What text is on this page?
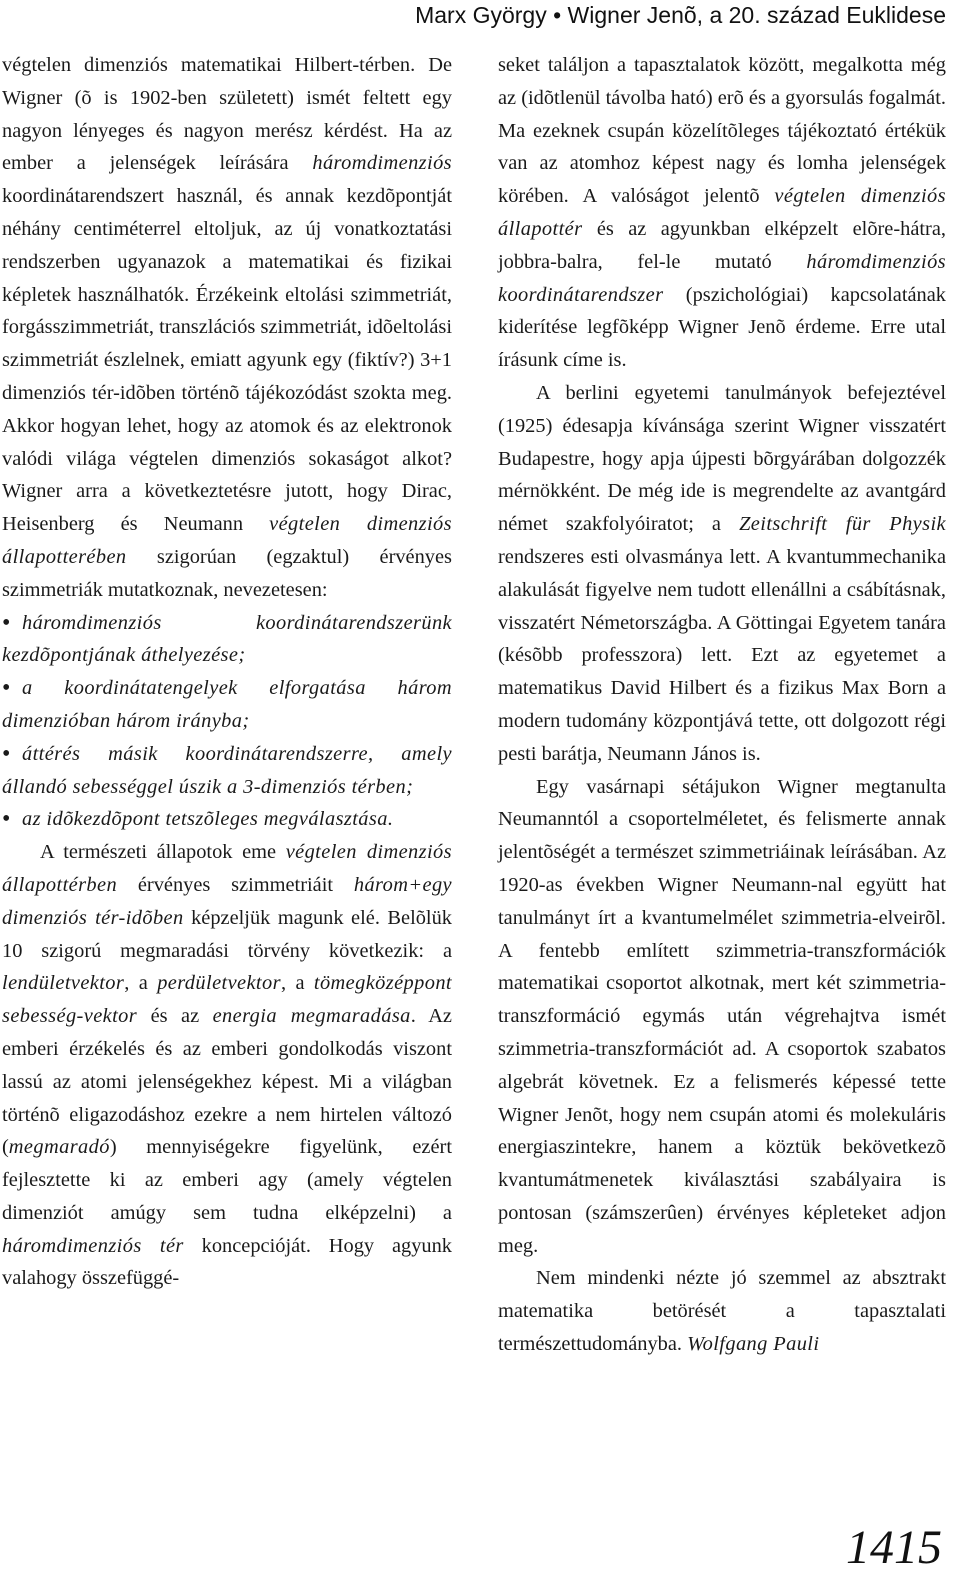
Marx György • Wigner Jenõ, a 20. század Euklidese

végtelen dimenziós matematikai Hilbert-térben. De Wigner (õ is 1902-ben született) ismét feltett egy nagyon lényeges és nagyon merész kérdést. Ha az ember a jelenségek leírására háromdimenziós koordinátarendszert használ, és annak kezdõpontját néhány centiméterrel eltoljuk, az új vonatkoztatási rendszerben ugyanazok a matematikai és fizikai képletek használhatók. Érzékeink eltolási szimmetriát, forgásszimmetriát, transzlációs szimmetriát, idõeltolási szimmetriát észlelnek, emiatt agyunk egy (fiktív?) 3+1 dimenziós tér-idõben történõ tájékozódást szokta meg. Akkor hogyan lehet, hogy az atomok és az elektronok valódi világa végtelen dimenziós sokaságot alkot?Wigner arra a következtetésre jutott, hogy Dirac, Heisenberg és Neumann végtelen dimenziós állapotterében szigorúan (egzaktul) érvényes szimmetriák mutatkoznak, nevezetesen:

• háromdimenziós koordinátarendszerünk kezdõpontjának áthelyezése;
• a koordinátatengelyek elforgatása három dimenzióban három irányba;
• áttérés másik koordinátarendszerre, amely állandó sebességgel úszik a 3-dimenziós térben;
• az idõkezdõpont tetszõleges megválasztása.

A természeti állapotok eme végtelen dimenziós állapottérben érvényes szimmetriáit három+egy dimenziós tér-idõben képzeljük magunk elé. Belõlük 10 szigorú megmaradási törvény következik: a lendületvektor, a perdületvektor, a tömegközéppont sebesség-vektor és az energia megmaradása. Az emberi érzékelés és az emberi gondolkodás viszont lassú az atomi jelenségekhez képest. Mi a világban történõ eligazodáshoz ezekre a nem hirtelen változó (megmaradó) mennyiségekre figyelünk, ezért fejlesztette ki az emberi agy (amely végtelen dimenziót amúgy sem tudna elképzelni) a háromdimenziós tér koncepcióját. Hogy agyunk valahogy összefüggé-

seket találjon a tapasztalatok között, megalkotta még az (idõtlenül távolba ható) erõ és a gyorsulás fogalmát. Ma ezeknek csupán közelítõleges tájékoztató értékük van az atomhoz képest nagy és lomha jelenségek körében. A valóságot jelentõ végtelen dimenziós állapottér és az agyunkban elképzelt elõre-hátra, jobbra-balra, fel-le mutató háromdimenziós koordinátarendszer (pszichológiai) kapcsolatának kiderítése legfõképp Wigner Jenõ érdeme. Erre utal írásunk címe is.

A berlini egyetemi tanulmányok befejeztével (1925) édesapja kívánsága szerint Wigner visszatért Budapestre, hogy apja újpesti bõrgyárában dolgozzék mérnökként. De még ide is megrendelte az avantgárd német szakfolyóiratot; a Zeitschrift für Physik rendszeres esti olvasmánya lett. A kvantummechanika alakulását figyelve nem tudott ellenállni a csábításnak, visszatért Németországba. A Göttingai Egyetem tanára (késõbb professzora) lett. Ezt az egyetemet a matematikus David Hilbert és a fizikus Max Born a modern tudomány központjává tette, ott dolgozott régi pesti barátja, Neumann János is.

Egy vasárnapi sétájukon Wigner megtanulta Neumanntól a csoportelméletet, és felismerte annak jelentõségét a természet szimmetriáinak leírásában. Az 1920-as években Wigner Neumann-nal együtt hat tanulmányt írt a kvantumelmélet szimmetria-elveirõl. A fentebb említett szimmetria-transzformációk matematikai csoportot alkotnak, mert két szimmetria-transzformáció egymás után végrehajtva ismét szimmetria-transzformációt ad. A csoportok szabatos algebrát követnek. Ez a felismerés képessé tette Wigner Jenõt, hogy nem csupán atomi és molekuláris energiaszintekre, hanem a köztük bekövetkezõ kvantumátmenetek kiválasztási szabályaira is pontosan (számszerûen) érvényes képleteket adjon meg.

Nem mindenki nézte jó szemmel az absztrakt matematika betörését a tapasztalati természettudományba. Wolfgang Pauli

1415
